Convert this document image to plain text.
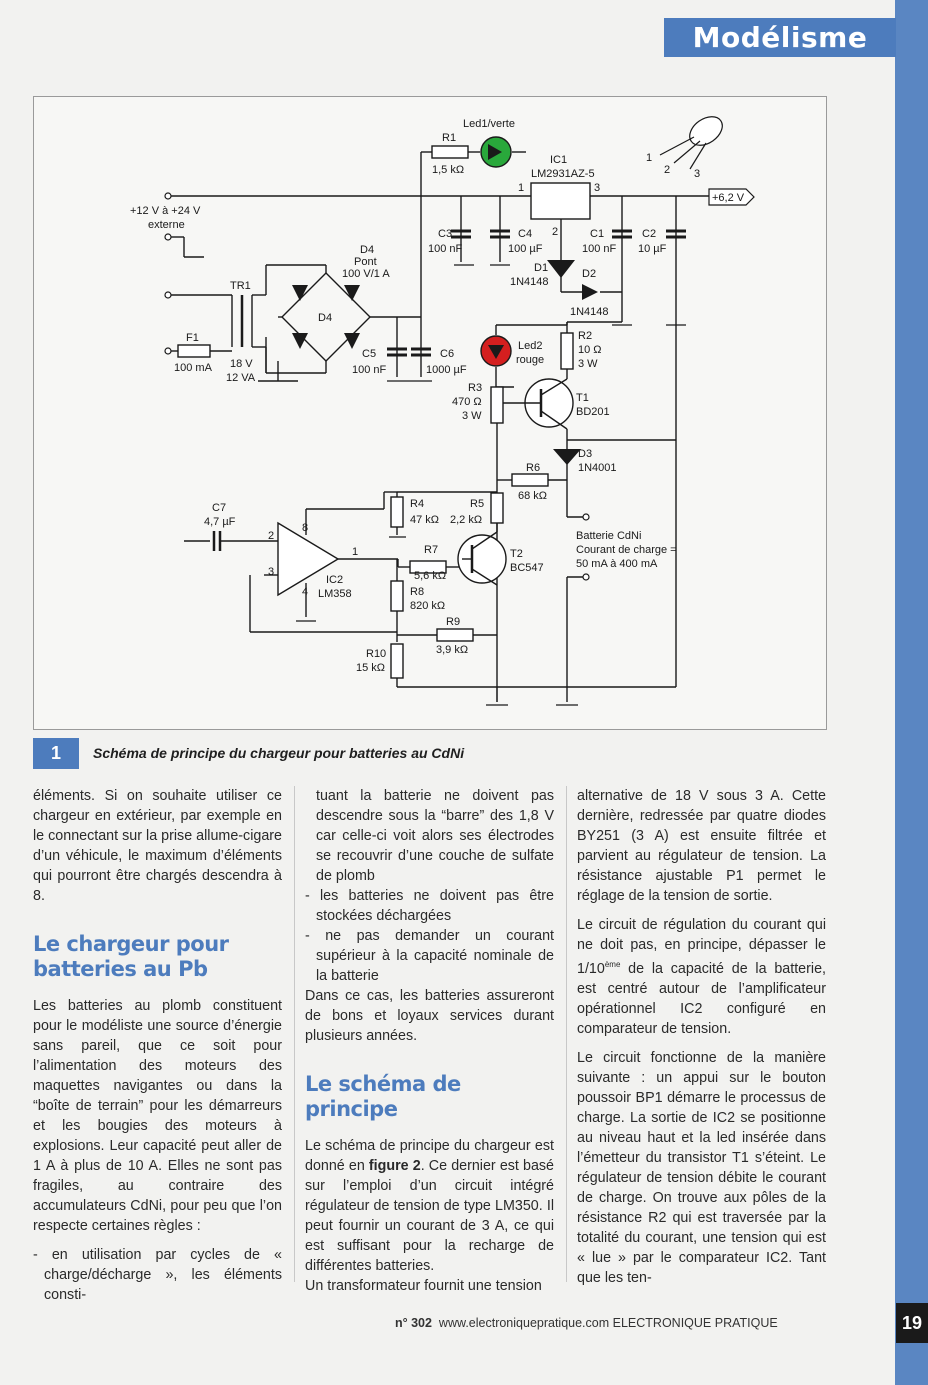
Modélisme
Led1/verte
R1
1,5 kΩ
IC1
LM2931AZ-5
1
2
3
1
2 3
+6,2 V
+12 V à +24 V
externe
D4
Pont
100 V/1 A
D4
C3
100 nF
C4
100 µF
C1
100 nF
C2
10 µF
D1
1N4148
D2
1N4148
TR1
18 V
12 VA
F1
100 mA
C5
100 nF
C6
1000 µF
Led2
rouge
R2
10 Ω
3 W
R3
470 Ω
3 W
T1
BD201
D3
1N4001
R6
68 kΩ
R4
47 kΩ
R5
2,2 kΩ
C7
4,7 µF
2
3
8
4
1
IC2
LM358
R7
5,6 kΩ
T2
BC547
R8
820 kΩ
R9
3,9 kΩ
R10
15 kΩ
Batterie CdNi
Courant de charge =
50 mA à 400 mA
1	Schéma de principe du chargeur pour batteries au CdNi

éléments. Si on souhaite utiliser ce chargeur en extérieur, par exemple en le connectant sur la prise allume-cigare d’un véhicule, le maximum d’éléments qui pourront être chargés descendra à 8.

Le chargeur pour batteries au Pb

Les batteries au plomb constituent pour le modéliste une source d’énergie sans pareil, que ce soit pour l’alimentation des moteurs des maquettes navigantes ou dans la “boîte de terrain” pour les démarreurs et les bougies des moteurs à explosions. Leur capacité peut aller de 1 A à plus de 10 A. Elles ne sont pas fragiles, au contraire des accumulateurs CdNi, pour peu que l’on respecte certaines règles :

- en utilisation par cycles de « charge/décharge », les éléments consti-

tuant la batterie ne doivent pas descendre sous la “barre” des 1,8 V car celle-ci voit alors ses électrodes se recouvrir d’une couche de sulfate de plomb

- les batteries ne doivent pas être stockées déchargées

- ne pas demander un courant supérieur à la capacité nominale de la batterie

Dans ce cas, les batteries assureront de bons et loyaux services durant plusieurs années.

Le schéma de principe

Le schéma de principe du chargeur est donné en figure 2. Ce dernier est basé sur l’emploi d’un circuit intégré régulateur de tension de type LM350. Il peut fournir un courant de 3 A, ce qui est suffisant pour la recharge de différentes batteries.

Un transformateur fournit une tension

alternative de 18 V sous 3 A. Cette dernière, redressée par quatre diodes BY251 (3 A) est ensuite filtrée et parvient au régulateur de tension. La résistance ajustable P1 permet le réglage de la tension de sortie.

Le circuit de régulation du courant qui ne doit pas, en principe, dépasser le 1/10ème de la capacité de la batterie, est centré autour de l’amplificateur opérationnel IC2 configuré en comparateur de tension.

Le circuit fonctionne de la manière suivante : un appui sur le bouton poussoir BP1 démarre le processus de charge. La sortie de IC2 se positionne au niveau haut et la led insérée dans l’émetteur du transistor T1 s’éteint. Le régulateur de tension débite le courant de charge. On trouve aux pôles de la résistance R2 qui est traversée par la totalité du courant, une tension qui est « lue » par le comparateur IC2. Tant que les ten-

n° 302 www.electroniquepratique.com ELECTRONIQUE PRATIQUE	19
